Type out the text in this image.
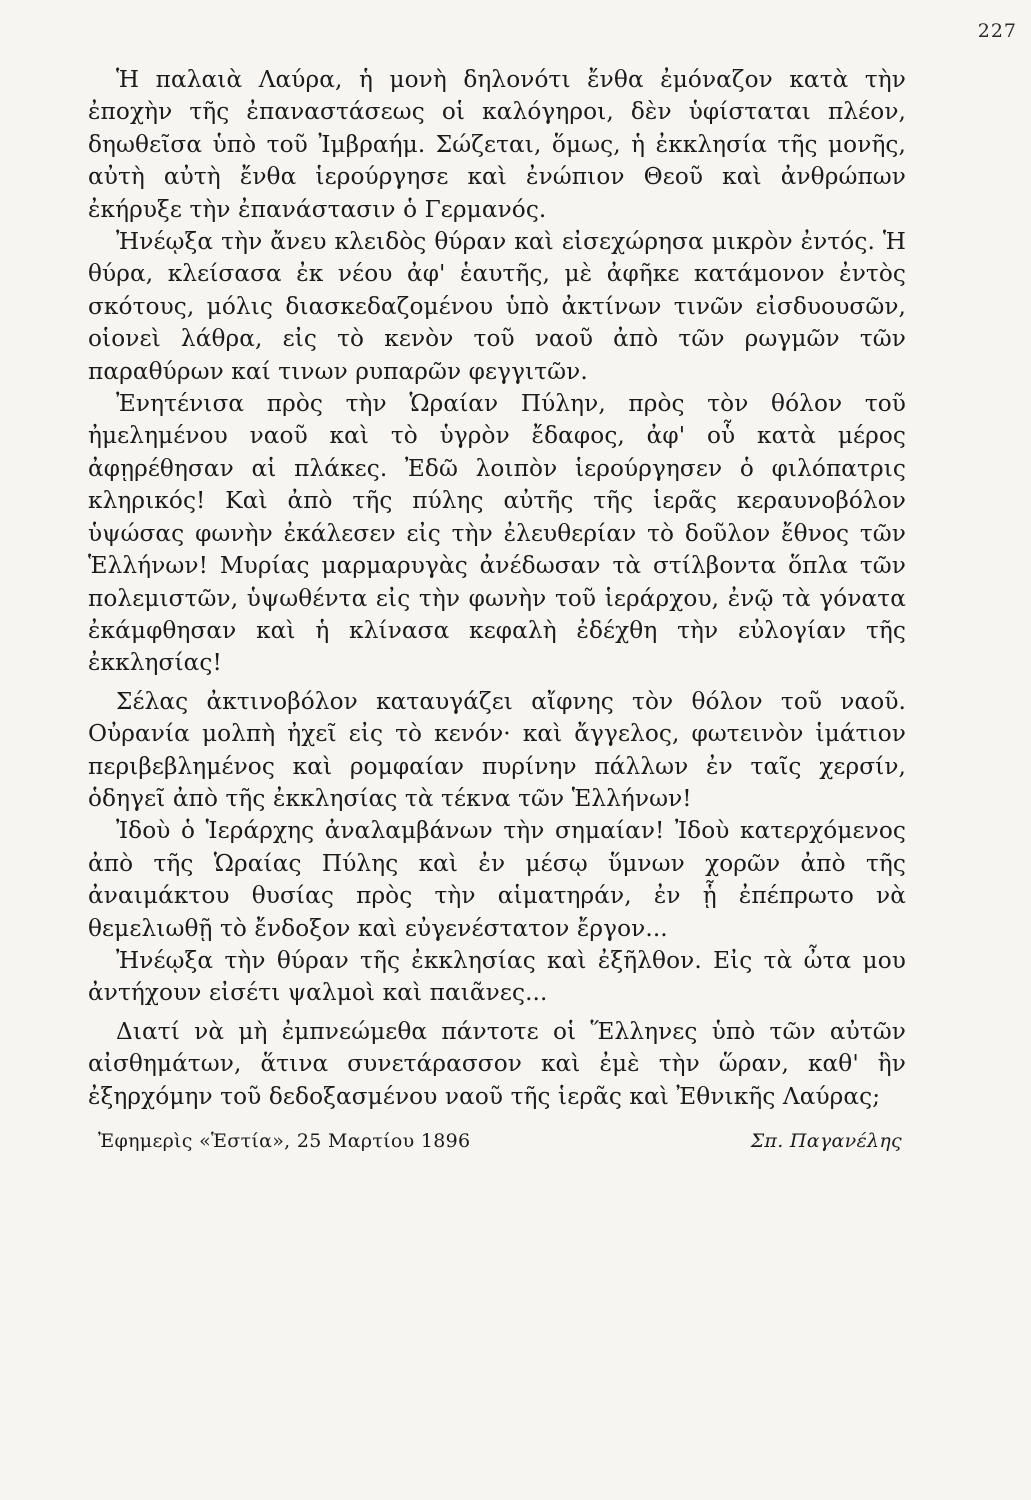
227

Ἡ παλαιὰ Λαύρα, ἡ μονὴ δηλονότι ἔνθα ἐμόναζον κατὰ τὴν ἐποχὴν τῆς ἐπαναστάσεως οἱ καλόγηροι, δὲν ὑφίσταται πλέον, δηωθεῖσα ὑπὸ τοῦ Ἰμβραήμ. Σώζεται, ὅμως, ἡ ἐκκλησία τῆς μονῆς, αὐτὴ αὐτὴ ἔνθα ἱερούργησε καὶ ἐνώπιον Θεοῦ καὶ ἀνθρώπων ἐκήρυξε τὴν ἐπανάστασιν ὁ Γερμανός.

Ἠνέῳξα τὴν ἄνευ κλειδὸς θύραν καὶ εἰσεχώρησα μικρὸν ἐντός. Ἡ θύρα, κλείσασα ἐκ νέου ἀφ' ἑαυτῆς, μὲ ἀφῆκε κατάμονον ἐντὸς σκότους, μόλις διασκεδαζομένου ὑπὸ ἀκτίνων τινῶν εἰσδυουσῶν, οἱονεὶ λάθρα, εἰς τὸ κενὸν τοῦ ναοῦ ἀπὸ τῶν ρωγμῶν τῶν παραθύρων καί τινων ρυπαρῶν φεγγιτῶν.

Ἐνητένισα πρὸς τὴν Ὡραίαν Πύλην, πρὸς τὸν θόλον τοῦ ἠμελημένου ναοῦ καὶ τὸ ὑγρὸν ἔδαφος, ἀφ' οὗ κατὰ μέρος ἀφῃρέθησαν αἱ πλάκες. Ἐδῶ λοιπὸν ἱερούργησεν ὁ φιλόπατρις κληρικός! Καὶ ἀπὸ τῆς πύλης αὐτῆς τῆς ἱερᾶς κεραυνοβόλον ὑψώσας φωνὴν ἐκάλεσεν εἰς τὴν ἐλευθερίαν τὸ δοῦλον ἔθνος τῶν Ἑλλήνων! Μυρίας μαρμαρυγὰς ἀνέδωσαν τὰ στίλβοντα ὅπλα τῶν πολεμιστῶν, ὑψωθέντα εἰς τὴν φωνὴν τοῦ ἱεράρχου, ἐνῷ τὰ γόνατα ἐκάμφθησαν καὶ ἡ κλίνασα κεφαλὴ ἐδέχθη τὴν εὐλογίαν τῆς ἐκκλησίας!

Σέλας ἀκτινοβόλον καταυγάζει αἴφνης τὸν θόλον τοῦ ναοῦ. Οὐρανία μολπὴ ἠχεῖ εἰς τὸ κενόν· καὶ ἄγγελος, φωτεινὸν ἱμάτιον περιβεβλημένος καὶ ρομφαίαν πυρίνην πάλλων ἐν ταῖς χερσίν, ὁδηγεῖ ἀπὸ τῆς ἐκκλησίας τὰ τέκνα τῶν Ἑλλήνων!

Ἰδοὺ ὁ Ἱεράρχης ἀναλαμβάνων τὴν σημαίαν! Ἰδοὺ κατερχόμενος ἀπὸ τῆς Ὡραίας Πύλης καὶ ἐν μέσῳ ὕμνων χορῶν ἀπὸ τῆς ἀναιμάκτου θυσίας πρὸς τὴν αἱματηράν, ἐν ᾗ ἐπέπρωτο νὰ θεμελιωθῇ τὸ ἔνδοξον καὶ εὐγενέστατον ἔργον...

Ἠνέῳξα τὴν θύραν τῆς ἐκκλησίας καὶ ἐξῆλθον. Εἰς τὰ ὦτα μου ἀντήχουν εἰσέτι ψαλμοὶ καὶ παιᾶνες...

Διατί νὰ μὴ ἐμπνεώμεθα πάντοτε οἱ Ἕλληνες ὑπὸ τῶν αὐτῶν αἰσθημάτων, ἅτινα συνετάρασσον καὶ ἐμὲ τὴν ὥραν, καθ' ἣν ἐξηρχόμην τοῦ δεδοξασμένου ναοῦ τῆς ἱερᾶς καὶ Ἐθνικῆς Λαύρας;

Ἐφημερὶς «Ἑστία», 25 Μαρτίου 1896	Σπ. Παγανέλης
